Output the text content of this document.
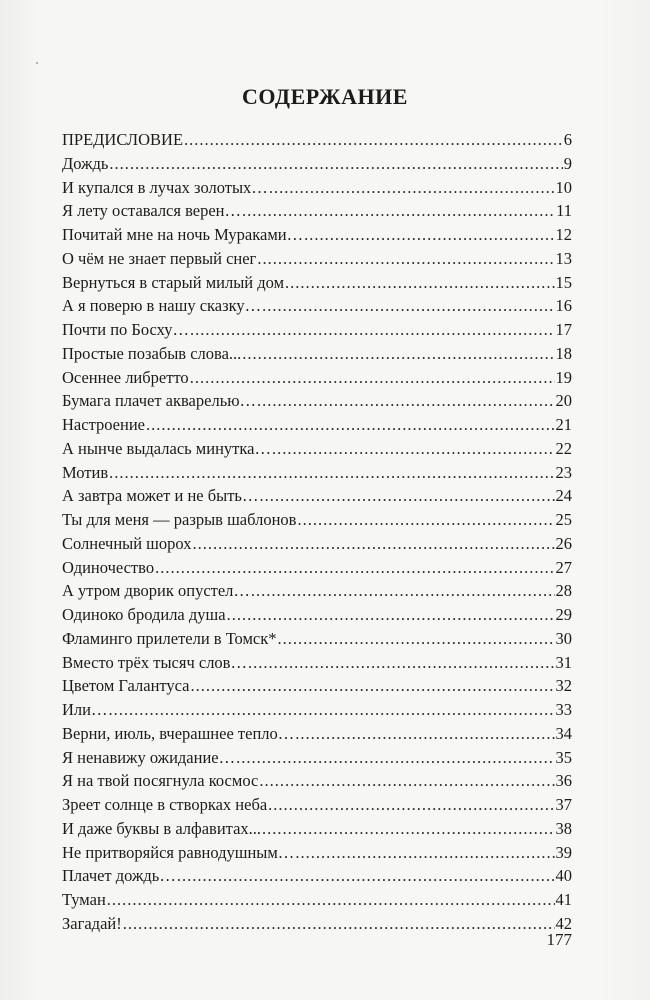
СОДЕРЖАНИЕ
ПРЕДИСЛОВИЕ .....	6
Дождь .....	9
И купался в лучах золотых… .....	10
Я лету оставался верен… .....	11
Почитай мне на ночь Мураками… .....	12
О чём не знает первый снег .....	13
Вернуться в старый милый дом .....	15
А я поверю в нашу сказку… .....	16
Почти по Босху… .....	17
Простые позабыв слова... .....	18
Осеннее либретто .....	19
Бумага плачет акварелью… .....	20
Настроение .....	21
А нынче выдалась минутка… .....	22
Мотив .....	23
А завтра может и не быть… .....	24
Ты для меня — разрыв шаблонов .....	25
Солнечный шорох .....	26
Одиночество .....	27
А утром дворик опустел… .....	28
Одиноко бродила душа .....	29
Фламинго прилетели в Томск* .....	30
Вместо трёх тысяч слов… .....	31
Цветом Галантуса .....	32
Или… .....	33
Верни, июль, вчерашнее тепло… .....	34
Я ненавижу ожидание… .....	35
Я на твой посягнула космос .....	36
Зреет солнце в створках неба .....	37
И даже буквы в алфавитах... .....	38
Не притворяйся равнодушным… .....	39
Плачет дождь… .....	40
Туман .....	41
Загадай! .....	42
177
